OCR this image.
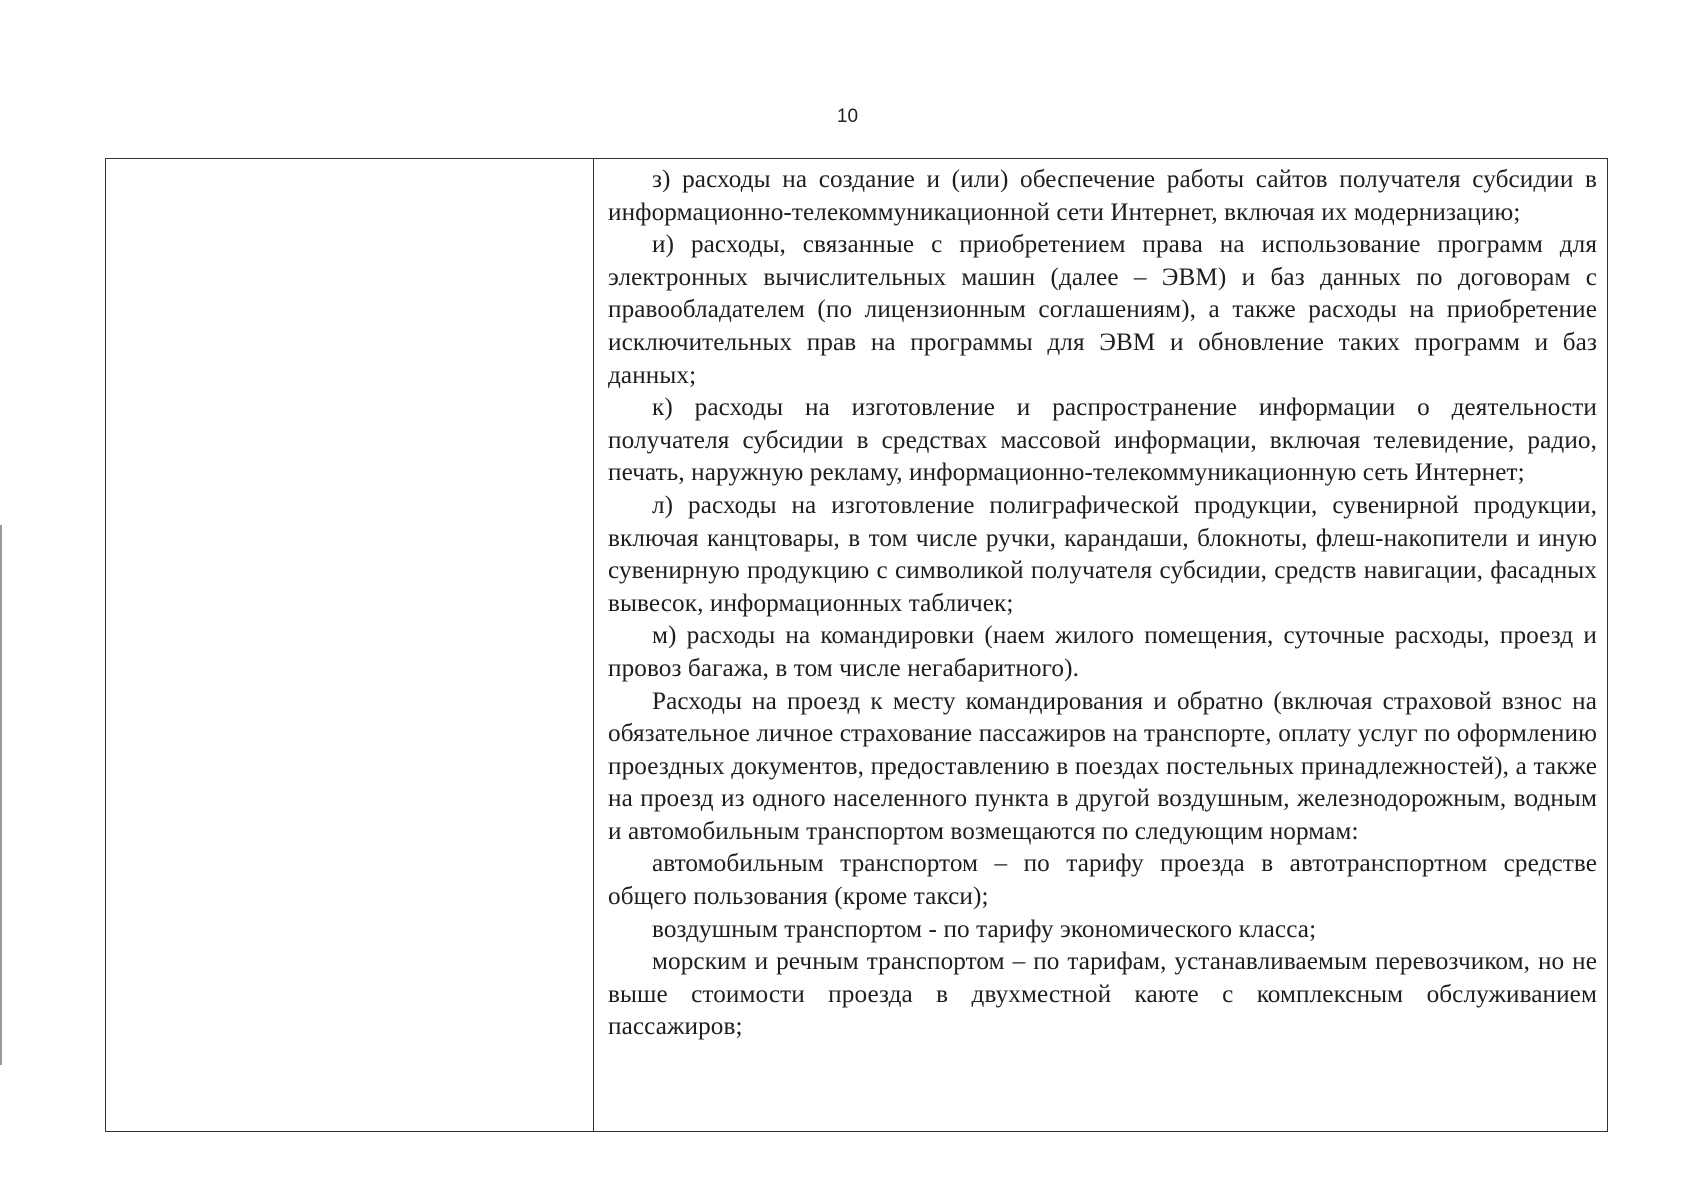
10

з) расходы на создание и (или) обеспечение работы сайтов получателя субсидии в информационно-телекоммуникационной сети Интернет, включая их модернизацию;

и) расходы, связанные с приобретением права на использование программ для электронных вычислительных машин (далее – ЭВМ) и баз данных по договорам с правообладателем (по лицензионным соглашениям), а также расходы на приобретение исключительных прав на программы для ЭВМ и обновление таких программ и баз данных;

к) расходы на изготовление и распространение информации о деятельности получателя субсидии в средствах массовой информации, включая телевидение, радио, печать, наружную рекламу, информационно-телекоммуникационную сеть Интернет;

л) расходы на изготовление полиграфической продукции, сувенирной продукции, включая канцтовары, в том числе ручки, карандаши, блокноты, флеш-накопители и иную сувенирную продукцию с символикой получателя субсидии, средств навигации, фасадных вывесок, информационных табличек;

м) расходы на командировки (наем жилого помещения, суточные расходы, проезд и провоз багажа, в том числе негабаритного).

Расходы на проезд к месту командирования и обратно (включая страховой взнос на обязательное личное страхование пассажиров на транспорте, оплату услуг по оформлению проездных документов, предоставлению в поездах постельных принадлежностей), а также на проезд из одного населенного пункта в другой воздушным, железнодорожным, водным и автомобильным транспортом возмещаются по следующим нормам:

автомобильным транспортом – по тарифу проезда в автотранспортном средстве общего пользования (кроме такси);

воздушным транспортом - по тарифу экономического класса;

морским и речным транспортом – по тарифам, устанавливаемым перевозчиком, но не выше стоимости проезда в двухместной каюте с комплексным обслуживанием пассажиров;
